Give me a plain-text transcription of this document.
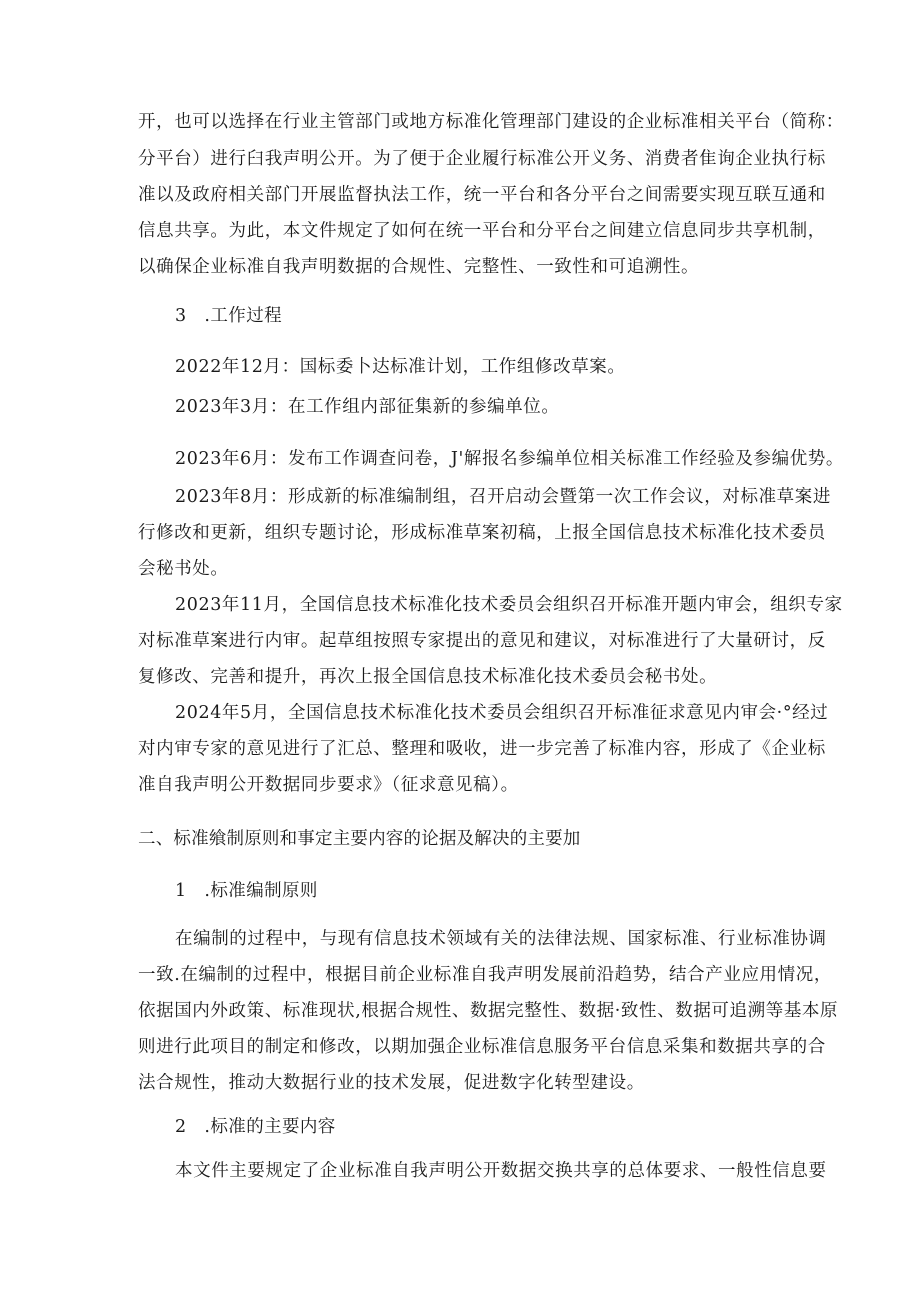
开，也可以选择在行业主管部门或地方标准化管理部门建设的企业标准相关平台（简称：
分平台）进行臼我声明公开。为了便于企业履行标准公开义务、消费者隹询企业执行标
准以及政府相关部门开展监督执法工作，统一平台和各分平台之间需要实现互联互通和
信息共享。为此，本文件规定了如何在统一平台和分平台之间建立信息同步共享机制，
以确保企业标准自我声明数据的合规性、完整性、一致性和可追溯性。
3　.工作过程
2022年12月：国标委卜达标准计划，工作组修改草案。
2023年3月：在工作组内部征集新的参编单位。
2023年6月：发布工作调查问卷，J'解报名参编单位相关标准工作经验及参编优势。
2023年8月：形成新的标准编制组，召开启动会暨第一次工作会议，对标准草案进
行修改和更新，组织专题讨论，形成标准草案初稿，上报全国信息技术标准化技术委员
会秘书处。
2023年11月，全国信息技术标准化技术委员会组织召开标准开题内审会，组织专家
对标准草案进行内审。起草组按照专家提出的意见和建议，对标准进行了大量研讨，反
复修改、完善和提升，再次上报全国信息技术标准化技术委员会秘书处。
2024年5月，全国信息技术标准化技术委员会组织召开标准征求意见内审会·°经过
对内审专家的意见进行了汇总、整理和吸收，进一步完善了标准内容，形成了《企业标
准自我声明公开数据同步要求》（征求意见稿）。
二、标准飨制原则和事定主要内容的论据及解决的主要加
1　.标准编制原则
在编制的过程中，与现有信息技术领域有关的法律法规、国家标准、行业标准协调
一致.在编制的过程中，根据目前企业标准自我声明发展前沿趋势，结合产业应用情况，
依据国内外政策、标准现状,根据合规性、数据完整性、数据·致性、数据可追溯等基本原
则进行此项目的制定和修改，以期加强企业标准信息服务平台信息采集和数据共享的合
法合规性，推动大数据行业的技术发展，促进数字化转型建设。
2　.标准的主要内容
本文件主要规定了企业标准自我声明公开数据交换共享的总体要求、一般性信息要
